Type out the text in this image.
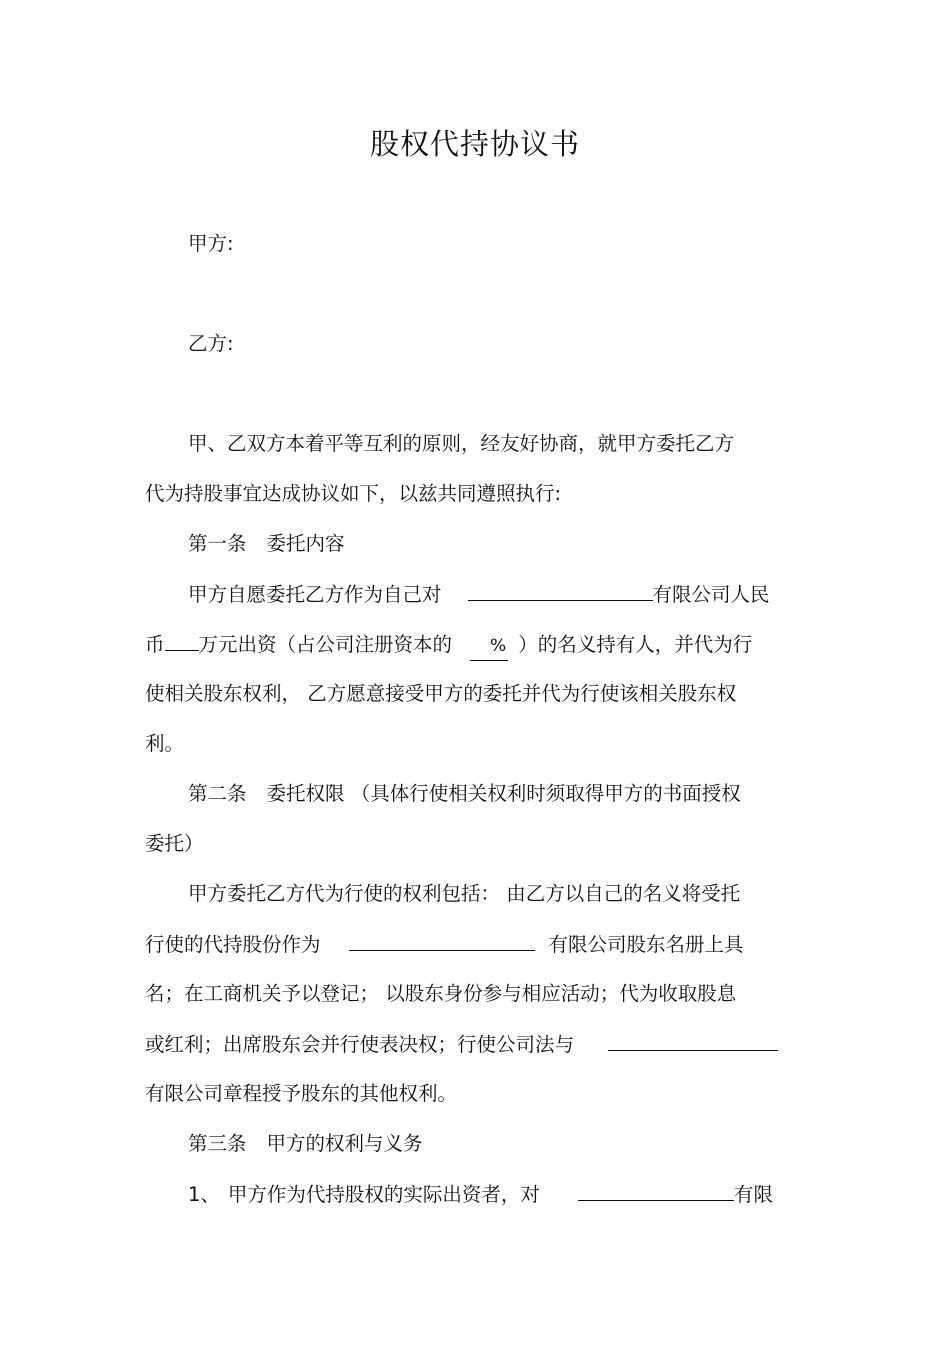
股权代持协议书
甲方:
乙方:
甲、乙双方本着平等互利的原则，经友好协商，就甲方委托乙方
代为持股事宜达成协议如下，以兹共同遵照执行:
第一条 委托内容
甲方自愿委托乙方作为自己对	有限公司人民
币 万元出资（占公司注册资本的 % ）的名义持有人，并代为行
使相关股东权利， 乙方愿意接受甲方的委托并代为行使该相关股东权
利。
第二条 委托权限 （具体行使相关权利时须取得甲方的书面授权
委托）
甲方委托乙方代为行使的权利包括： 由乙方以自己的名义将受托
行使的代持股份作为	有限公司股东名册上具
名；在工商机关予以登记； 以股东身份参与相应活动；代为收取股息
或红利；出席股东会并行使表决权；行使公司法与
有限公司章程授予股东的其他权利。
第三条 甲方的权利与义务
1、 甲方作为代持股权的实际出资者，对	有限
